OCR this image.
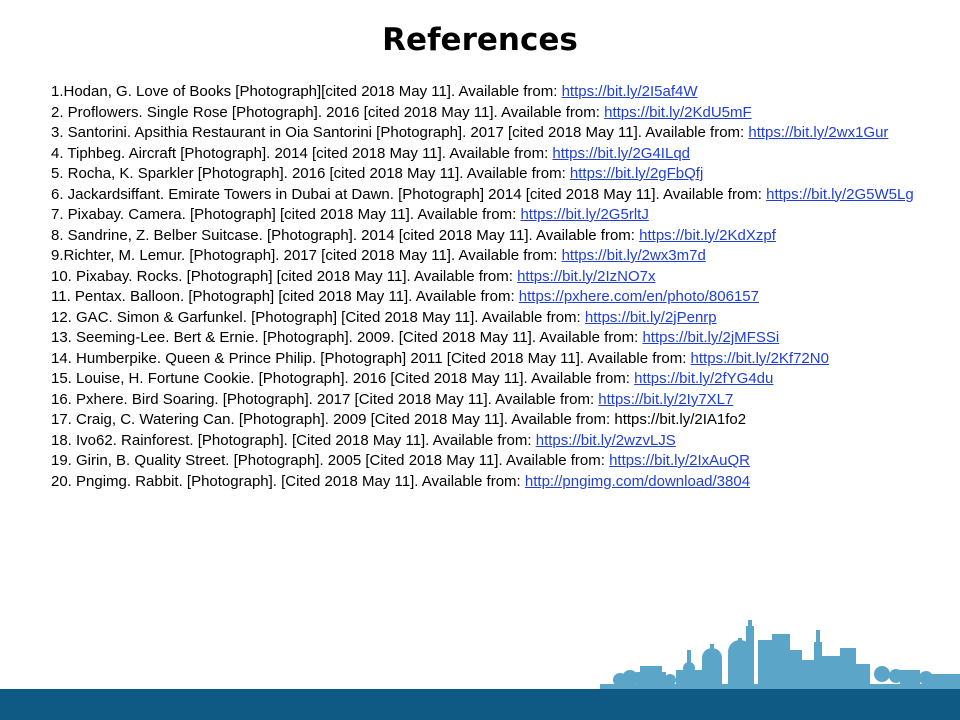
References

1.Hodan, G. Love of Books [Photograph][cited 2018 May 11]. Available from: https://bit.ly/2I5af4W

2. Proflowers. Single Rose [Photograph]. 2016 [cited 2018 May 11]. Available from: https://bit.ly/2KdU5mF

3. Santorini. Apsithia Restaurant in Oia Santorini [Photograph]. 2017 [cited 2018 May 11]. Available from: https://bit.ly/2wx1Gur

4. Tiphbeg. Aircraft [Photograph]. 2014 [cited 2018 May 11]. Available from: https://bit.ly/2G4ILqd

5. Rocha, K. Sparkler [Photograph]. 2016 [cited 2018 May 11]. Available from: https://bit.ly/2gFbQfj

6. Jackardsiffant. Emirate Towers in Dubai at Dawn. [Photograph] 2014 [cited 2018 May 11]. Available from: https://bit.ly/2G5W5Lg

7. Pixabay. Camera. [Photograph] [cited 2018 May 11]. Available from: https://bit.ly/2G5rltJ

8. Sandrine, Z. Belber Suitcase. [Photograph]. 2014 [cited 2018 May 11]. Available from: https://bit.ly/2KdXzpf

9.Richter, M. Lemur. [Photograph]. 2017 [cited 2018 May 11]. Available from: https://bit.ly/2wx3m7d

10. Pixabay. Rocks. [Photograph] [cited 2018 May 11]. Available from: https://bit.ly/2IzNO7x

11. Pentax. Balloon. [Photograph] [cited 2018 May 11]. Available from: https://pxhere.com/en/photo/806157

12. GAC. Simon & Garfunkel. [Photograph] [Cited 2018 May 11]. Available from: https://bit.ly/2jPenrp

13. Seeming-Lee. Bert & Ernie. [Photograph]. 2009. [Cited 2018 May 11]. Available from: https://bit.ly/2jMFSSi

14. Humberpike. Queen & Prince Philip. [Photograph] 2011 [Cited 2018 May 11]. Available from: https://bit.ly/2Kf72N0

15. Louise, H. Fortune Cookie. [Photograph]. 2016 [Cited 2018 May 11]. Available from: https://bit.ly/2fYG4du

16. Pxhere. Bird Soaring. [Photograph]. 2017 [Cited 2018 May 11]. Available from: https://bit.ly/2Iy7XL7

17. Craig, C. Watering Can. [Photograph]. 2009 [Cited 2018 May 11]. Available from: https://bit.ly/2IA1fo2

18. Ivo62. Rainforest. [Photograph]. [Cited 2018 May 11]. Available from: https://bit.ly/2wzvLJS

19. Girin, B. Quality Street. [Photograph]. 2005 [Cited 2018 May 11]. Available from: https://bit.ly/2IxAuQR

20. Pngimg. Rabbit. [Photograph]. [Cited 2018 May 11]. Available from: http://pngimg.com/download/3804
